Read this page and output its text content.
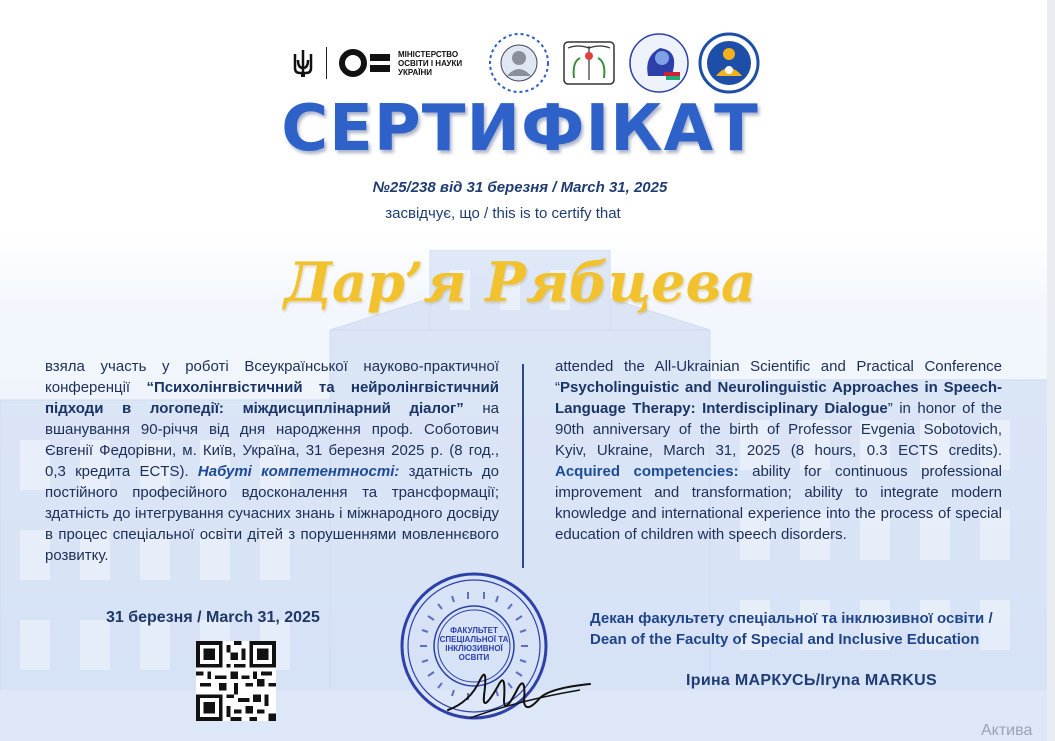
МІНІСТЕРСТВО
ОСВІТИ І НАУКИ
УКРАЇНИ
СЕРТИФІКАТ
№25/238 від 31 березня / March 31, 2025
засвідчує, що / this is to certify that
Дар’я Рябцева
взяла участь у роботі Всеукраїнської науково-практичної конференції “Психолінгвістичний та нейролінгвістичний підходи в логопедії: міждисциплінарний діалог” на вшанування 90-річчя від дня народження проф. Соботович Євгенії Федорівни, м. Київ, Україна, 31 березня 2025 р. (8 год., 0,3 кредита ECTS). Набуті компетентності: здатність до постійного професійного вдосконалення та трансформації; здатність до інтегрування сучасних знань і міжнародного досвіду в процес спеціальної освіти дітей з порушеннями мовленнєвого розвитку.
attended the All-Ukrainian Scientific and Practical Conference “Psycholinguistic and Neurolinguistic Approaches in Speech-Language Therapy: Interdisciplinary Dialogue” in honor of the 90th anniversary of the birth of Professor Evgenia Sobotovich, Kyiv, Ukraine, March 31, 2025 (8 hours, 0.3 ECTS credits). Acquired competencies: ability for continuous professional improvement and transformation; ability to integrate modern knowledge and international experience into the process of special education of children with speech disorders.
31 березня / March 31, 2025
ФАКУЛЬТЕТ СПЕЦІАЛЬНОЇ ТА ІНКЛЮЗИВНОЇ ОСВІТИ
Декан факультету спеціальної та інклюзивної освіти / Dean of the Faculty of Special and Inclusive Education
Ірина МАРКУСЬ/Iryna MARKUS
Актива
